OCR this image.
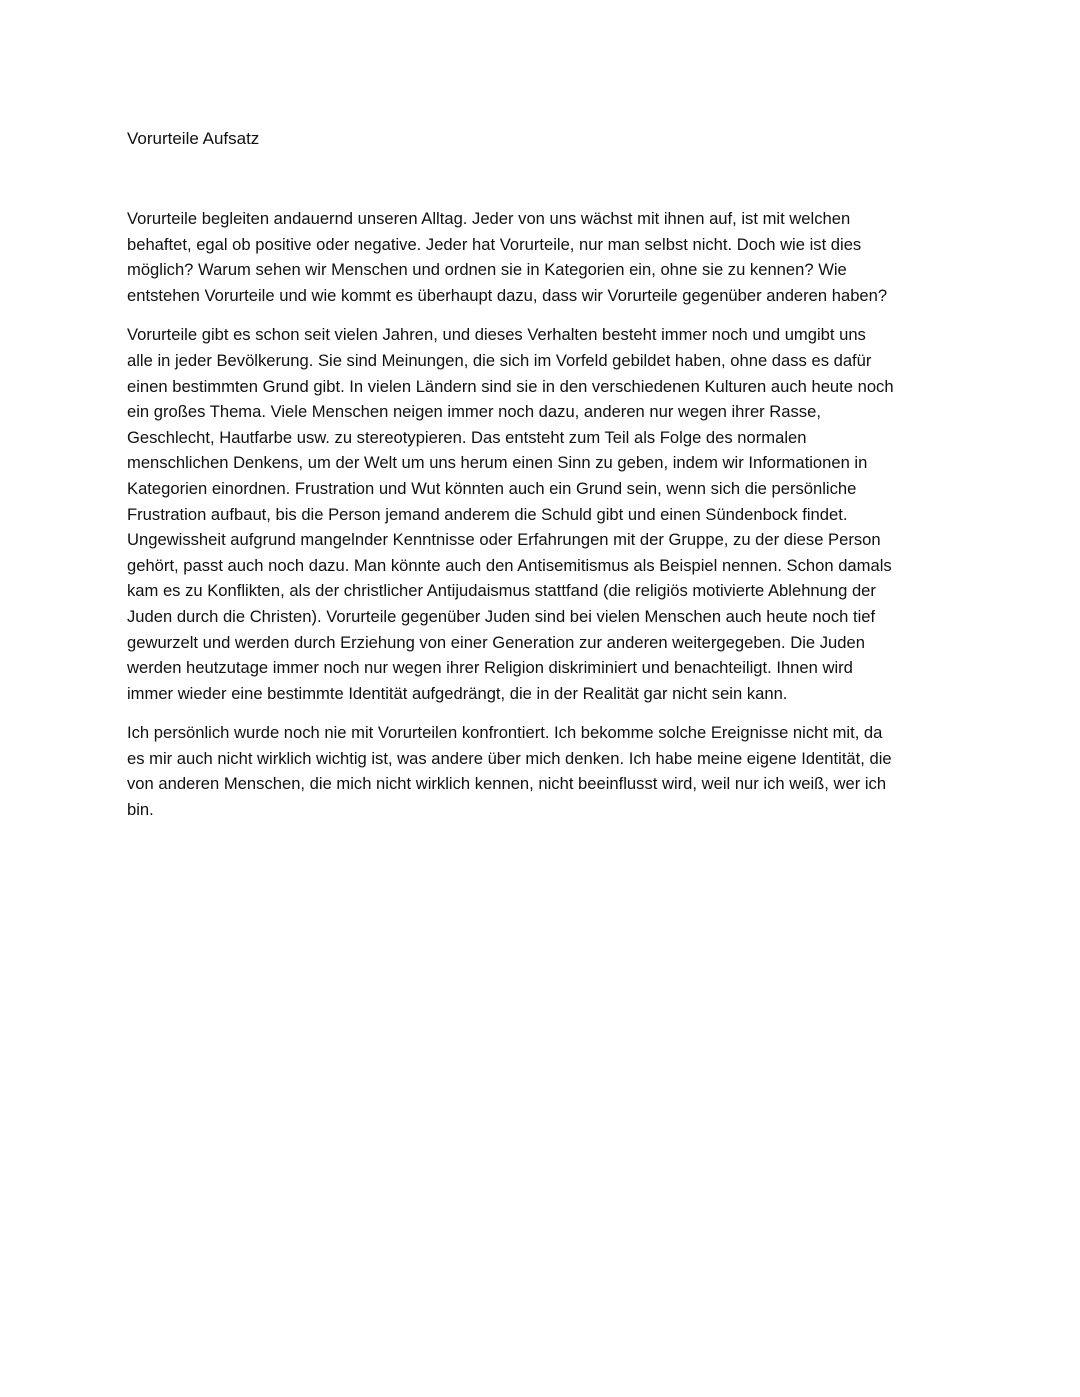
Vorurteile Aufsatz
Vorurteile begleiten andauernd unseren Alltag. Jeder von uns wächst mit ihnen auf, ist mit welchen
behaftet, egal ob positive oder negative. Jeder hat Vorurteile, nur man selbst nicht. Doch wie ist dies
möglich? Warum sehen wir Menschen und ordnen sie in Kategorien ein, ohne sie zu kennen? Wie
entstehen Vorurteile und wie kommt es überhaupt dazu, dass wir Vorurteile gegenüber anderen haben?
Vorurteile gibt es schon seit vielen Jahren, und dieses Verhalten besteht immer noch und umgibt uns
alle in jeder Bevölkerung. Sie sind Meinungen, die sich im Vorfeld gebildet haben, ohne dass es dafür
einen bestimmten Grund gibt. In vielen Ländern sind sie in den verschiedenen Kulturen auch heute noch
ein großes Thema. Viele Menschen neigen immer noch dazu, anderen nur wegen ihrer Rasse,
Geschlecht, Hautfarbe usw. zu stereotypieren. Das entsteht zum Teil als Folge des normalen
menschlichen Denkens, um der Welt um uns herum einen Sinn zu geben, indem wir Informationen in
Kategorien einordnen. Frustration und Wut könnten auch ein Grund sein, wenn sich die persönliche
Frustration aufbaut, bis die Person jemand anderem die Schuld gibt und einen Sündenbock findet.
Ungewissheit aufgrund mangelnder Kenntnisse oder Erfahrungen mit der Gruppe, zu der diese Person
gehört, passt auch noch dazu. Man könnte auch den Antisemitismus als Beispiel nennen. Schon damals
kam es zu Konflikten, als der christlicher Antijudaismus stattfand (die religiös motivierte Ablehnung der
Juden durch die Christen). Vorurteile gegenüber Juden sind bei vielen Menschen auch heute noch tief
gewurzelt und werden durch Erziehung von einer Generation zur anderen weitergegeben. Die Juden
werden heutzutage immer noch nur wegen ihrer Religion diskriminiert und benachteiligt. Ihnen wird
immer wieder eine bestimmte Identität aufgedrängt, die in der Realität gar nicht sein kann.
Ich persönlich wurde noch nie mit Vorurteilen konfrontiert. Ich bekomme solche Ereignisse nicht mit, da
es mir auch nicht wirklich wichtig ist, was andere über mich denken. Ich habe meine eigene Identität, die
von anderen Menschen, die mich nicht wirklich kennen, nicht beeinflusst wird, weil nur ich weiß, wer ich
bin.
